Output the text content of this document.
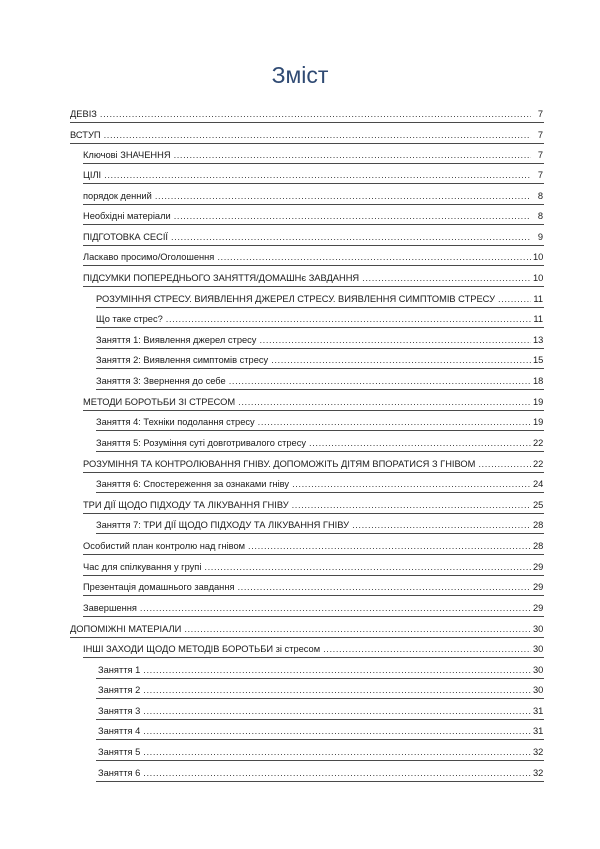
Зміст
ДЕВІЗ .....	7
ВСТУП .....	7
Ключові ЗНАЧЕННЯ .....	7
ЦІЛІ .....	7
порядок денний .....	8
Необхідні матеріали .....	8
ПІДГОТОВКА СЕСІЇ .....	9
Ласкаво просимо/Оголошення .....	10
ПІДСУМКИ ПОПЕРЕДНЬОГО ЗАНЯТТЯ/ДОМАШНє ЗАВДАННЯ .....	10
РОЗУМІННЯ СТРЕСУ. ВИЯВЛЕННЯ ДЖЕРЕЛ СТРЕСУ. ВИЯВЛЕННЯ СИМПТОМІВ СТРЕСУ .....	11
Що таке стрес? .....	11
Заняття 1: Виявлення джерел стресу .....	13
Заняття 2: Виявлення симптомів стресу .....	15
Заняття 3: Звернення до себе .....	18
МЕТОДИ БОРОТЬБИ ЗІ СТРЕСОМ .....	19
Заняття 4: Техніки подолання стресу .....	19
Заняття 5: Розуміння суті довготривалого стресу .....	22
РОЗУМІННЯ ТА КОНТРОЛЮВАННЯ ГНІВУ. ДОПОМОЖІТЬ ДІТЯМ ВПОРАТИСЯ З ГНІВОМ .....	22
Заняття 6: Спостереження за ознаками гніву .....	24
ТРИ ДІЇ ЩОДО ПІДХОДУ ТА ЛІКУВАННЯ ГНІВУ .....	25
Заняття 7: ТРИ ДІЇ ЩОДО ПІДХОДУ ТА ЛІКУВАННЯ ГНІВУ .....	28
Особистий план контролю над гнівом .....	28
Час для спілкування у групі .....	29
Презентація домашнього завдання .....	29
Завершення .....	29
ДОПОМІЖНІ МАТЕРІАЛИ .....	30
ІНШІ ЗАХОДИ ЩОДО МЕТОДІВ БОРОТЬБИ зі стресом .....	30
Заняття 1 .....	30
Заняття 2 .....	30
Заняття 3 .....	31
Заняття 4 .....	31
Заняття 5 .....	32
Заняття 6 .....	32
